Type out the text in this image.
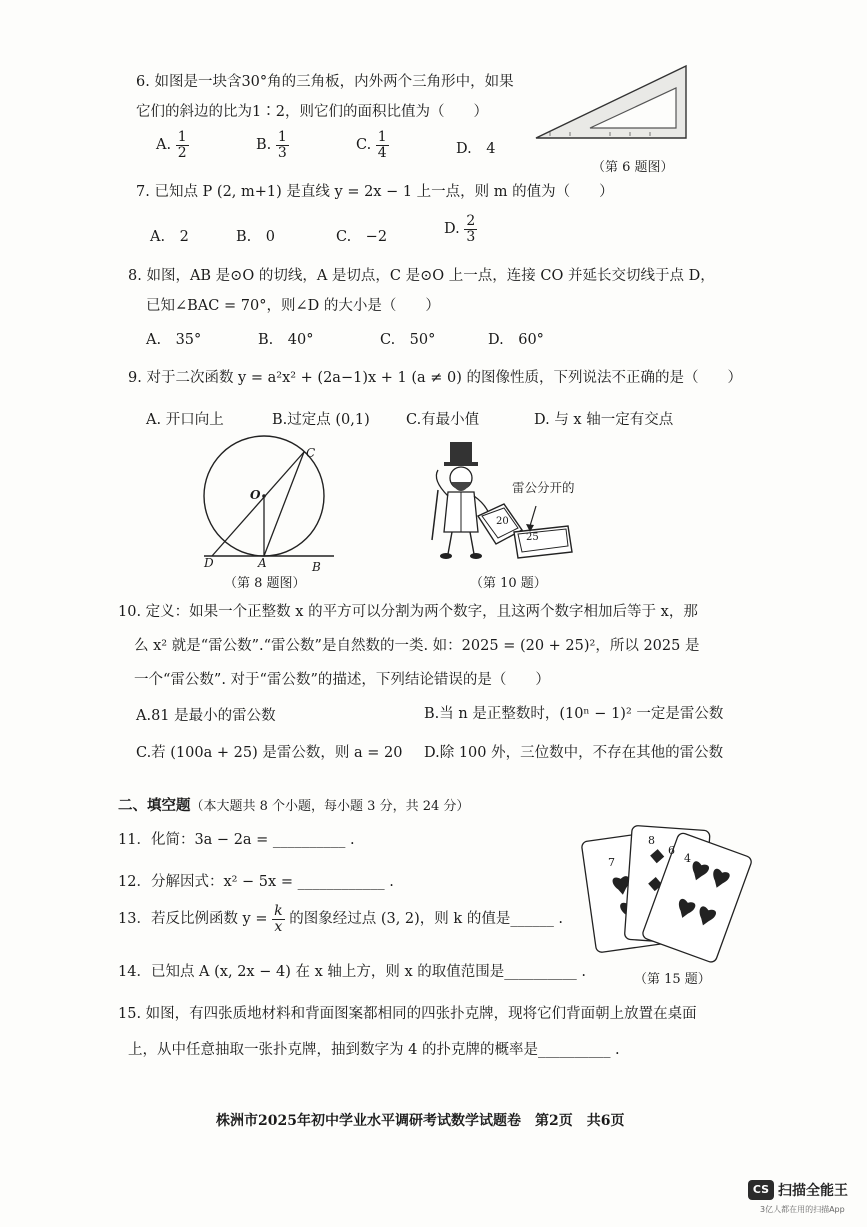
6. 如图是一块含30°角的三角板，内外两个三角形中，如果
它们的斜边的比为1∶2，则它们的面积比值为（　　）
A. $\frac{1}{2}$	B. $\frac{1}{3}$	C. $\frac{1}{4}$	D.　4
（第 6 题图）
7. 已知点 P (2, m+1) 是直线 y = 2x − 1 上一点，则 m 的值为（　　）
A.　2	B.　0	C.　−2	D. $\frac{2}{3}$
8. 如图，AB 是⊙O 的切线，A 是切点，C 是⊙O 上一点，连接 CO 并延长交切线于点 D，
已知∠BAC = 70°，则∠D 的大小是（　　）
A.　35°	B.　40°	C.　50°	D.　60°
9. 对于二次函数 y = a²x² + (2a−1)x + 1 (a ≠ 0) 的图像性质，下列说法不正确的是（　　）
A. 开口向上	B.过定点 (0,1)	C.有最小值	D. 与 x 轴一定有交点
C
O
D	A	B
（第 8 题图）
雷公分开的
20
25
（第 10 题）
10. 定义：如果一个正整数 x 的平方可以分割为两个数字，且这两个数字相加后等于 x，那
么 x² 就是“雷公数”.“雷公数”是自然数的一类. 如：2025 = (20 + 25)²，所以 2025 是
一个“雷公数”. 对于“雷公数”的描述，下列结论错误的是（　　）
A.81 是最小的雷公数	B.当 n 是正整数时，(10ⁿ − 1)² 一定是雷公数
C.若 (100a + 25) 是雷公数，则 a = 20 D.除 100 外，三位数中，不存在其他的雷公数
二、填空题（本大题共 8 个小题，每小题 3 分，共 24 分）
11．化简：3a − 2a = __________ .
12．分解因式：x² − 5x = ____________ .
13．若反比例函数 $y = \frac{k}{x}$ 的图象经过点 (3, 2)，则 k 的值是______ .
14．已知点 A (x, 2x − 4) 在 x 轴上方，则 x 的取值范围是__________ .
7
8
6
4
（第 15 题）
15. 如图，有四张质地材料和背面图案都相同的四张扑克牌，现将它们背面朝上放置在桌面
上，从中任意抽取一张扑克牌，抽到数字为 4 的扑克牌的概率是__________ .
株洲市2025年初中学业水平调研考试数学试题卷　第2页　共6页
CS 扫描全能王
3亿人都在用的扫描App
